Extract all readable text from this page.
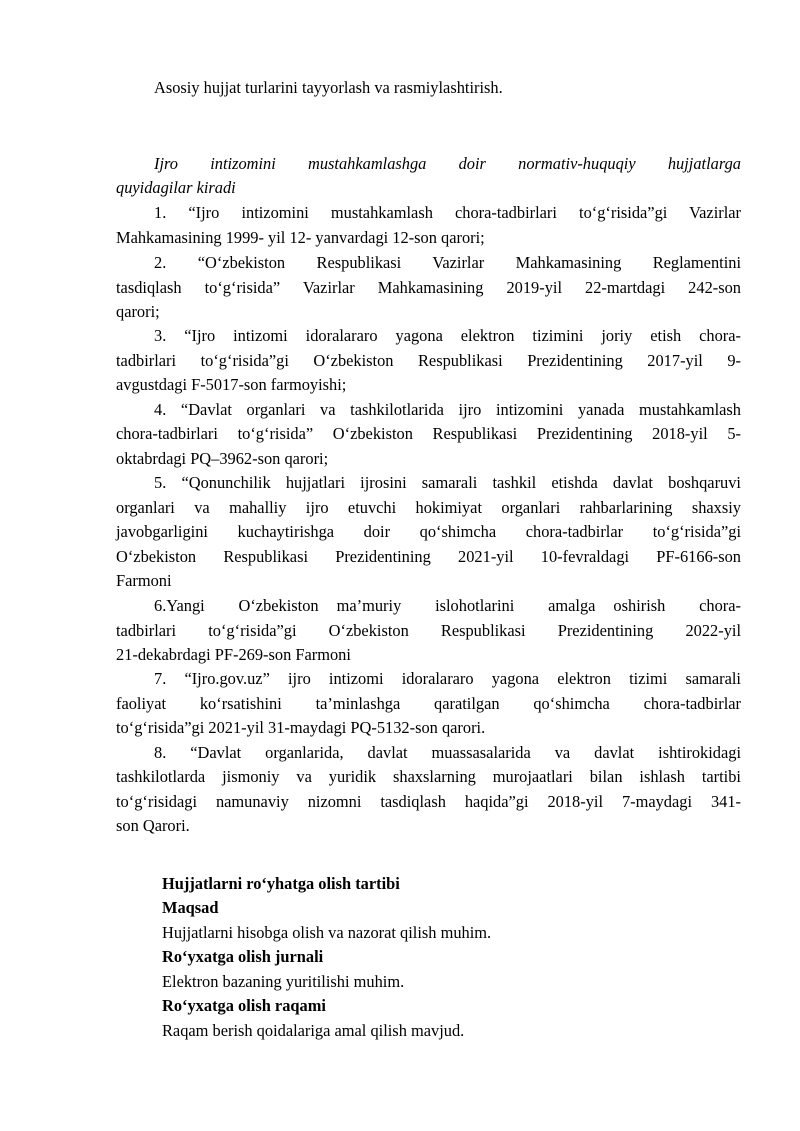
Asosiy hujjat turlarini tayyorlash va rasmiylashtirish.
Ijro intizomini mustahkamlashga doir normativ-huquqiy hujjatlarga
quyidagilar kiradi
1. “Ijro intizomini mustahkamlash chora-tadbirlari to‘g‘risida”gi Vazirlar
Mahkamasining 1999- yil 12- yanvardagi 12-son qarori;
2. “O‘zbekiston Respublikasi Vazirlar Mahkamasining Reglamentini
tasdiqlash to‘g‘risida” Vazirlar Mahkamasining 2019-yil 22-martdagi 242-son
qarori;
3. “Ijro intizomi idoralararo yagona elektron tizimini joriy etish chora-
tadbirlari to‘g‘risida”gi O‘zbekiston Respublikasi Prezidentining 2017-yil 9-
avgustdagi F-5017-son farmoyishi;
4. “Davlat organlari va tashkilotlarida ijro intizomini yanada mustahkamlash
chora-tadbirlari to‘g‘risida” O‘zbekiston Respublikasi Prezidentining 2018-yil 5-
oktabrdagi PQ–3962-son qarori;
5. “Qonunchilik hujjatlari ijrosini samarali tashkil etishda davlat boshqaruvi
organlari va mahalliy ijro etuvchi hokimiyat organlari rahbarlarining shaxsiy
javobgarligini kuchaytirishga doir qo‘shimcha chora-tadbirlar to‘g‘risida”gi
O‘zbekiston Respublikasi Prezidentining 2021-yil 10-fevraldagi PF-6166-son
Farmoni
6.Yangi O‘zbekiston ma’muriy islohotlarini amalga oshirish chora-
tadbirlari to‘g‘risida”gi O‘zbekiston Respublikasi Prezidentining 2022-yil
21-dekabrdagi PF-269-son Farmoni
7. “Ijro.gov.uz” ijro intizomi idoralararo yagona elektron tizimi samarali
faoliyat ko‘rsatishini ta’minlashga qaratilgan qo‘shimcha chora-tadbirlar
to‘g‘risida”gi 2021-yil 31-maydagi PQ-5132-son qarori.
8. “Davlat organlarida, davlat muassasalarida va davlat ishtirokidagi
tashkilotlarda jismoniy va yuridik shaxslarning murojaatlari bilan ishlash tartibi
to‘g‘risidagi namunaviy nizomni tasdiqlash haqida”gi 2018-yil 7-maydagi 341-
son Qarori.
Hujjatlarni ro‘yhatga olish tartibi
Maqsad
Hujjatlarni hisobga olish va nazorat qilish muhim.
Ro‘yxatga olish jurnali
Elektron bazaning yuritilishi muhim.
Ro‘yxatga olish raqami
Raqam berish qoidalariga amal qilish mavjud.
